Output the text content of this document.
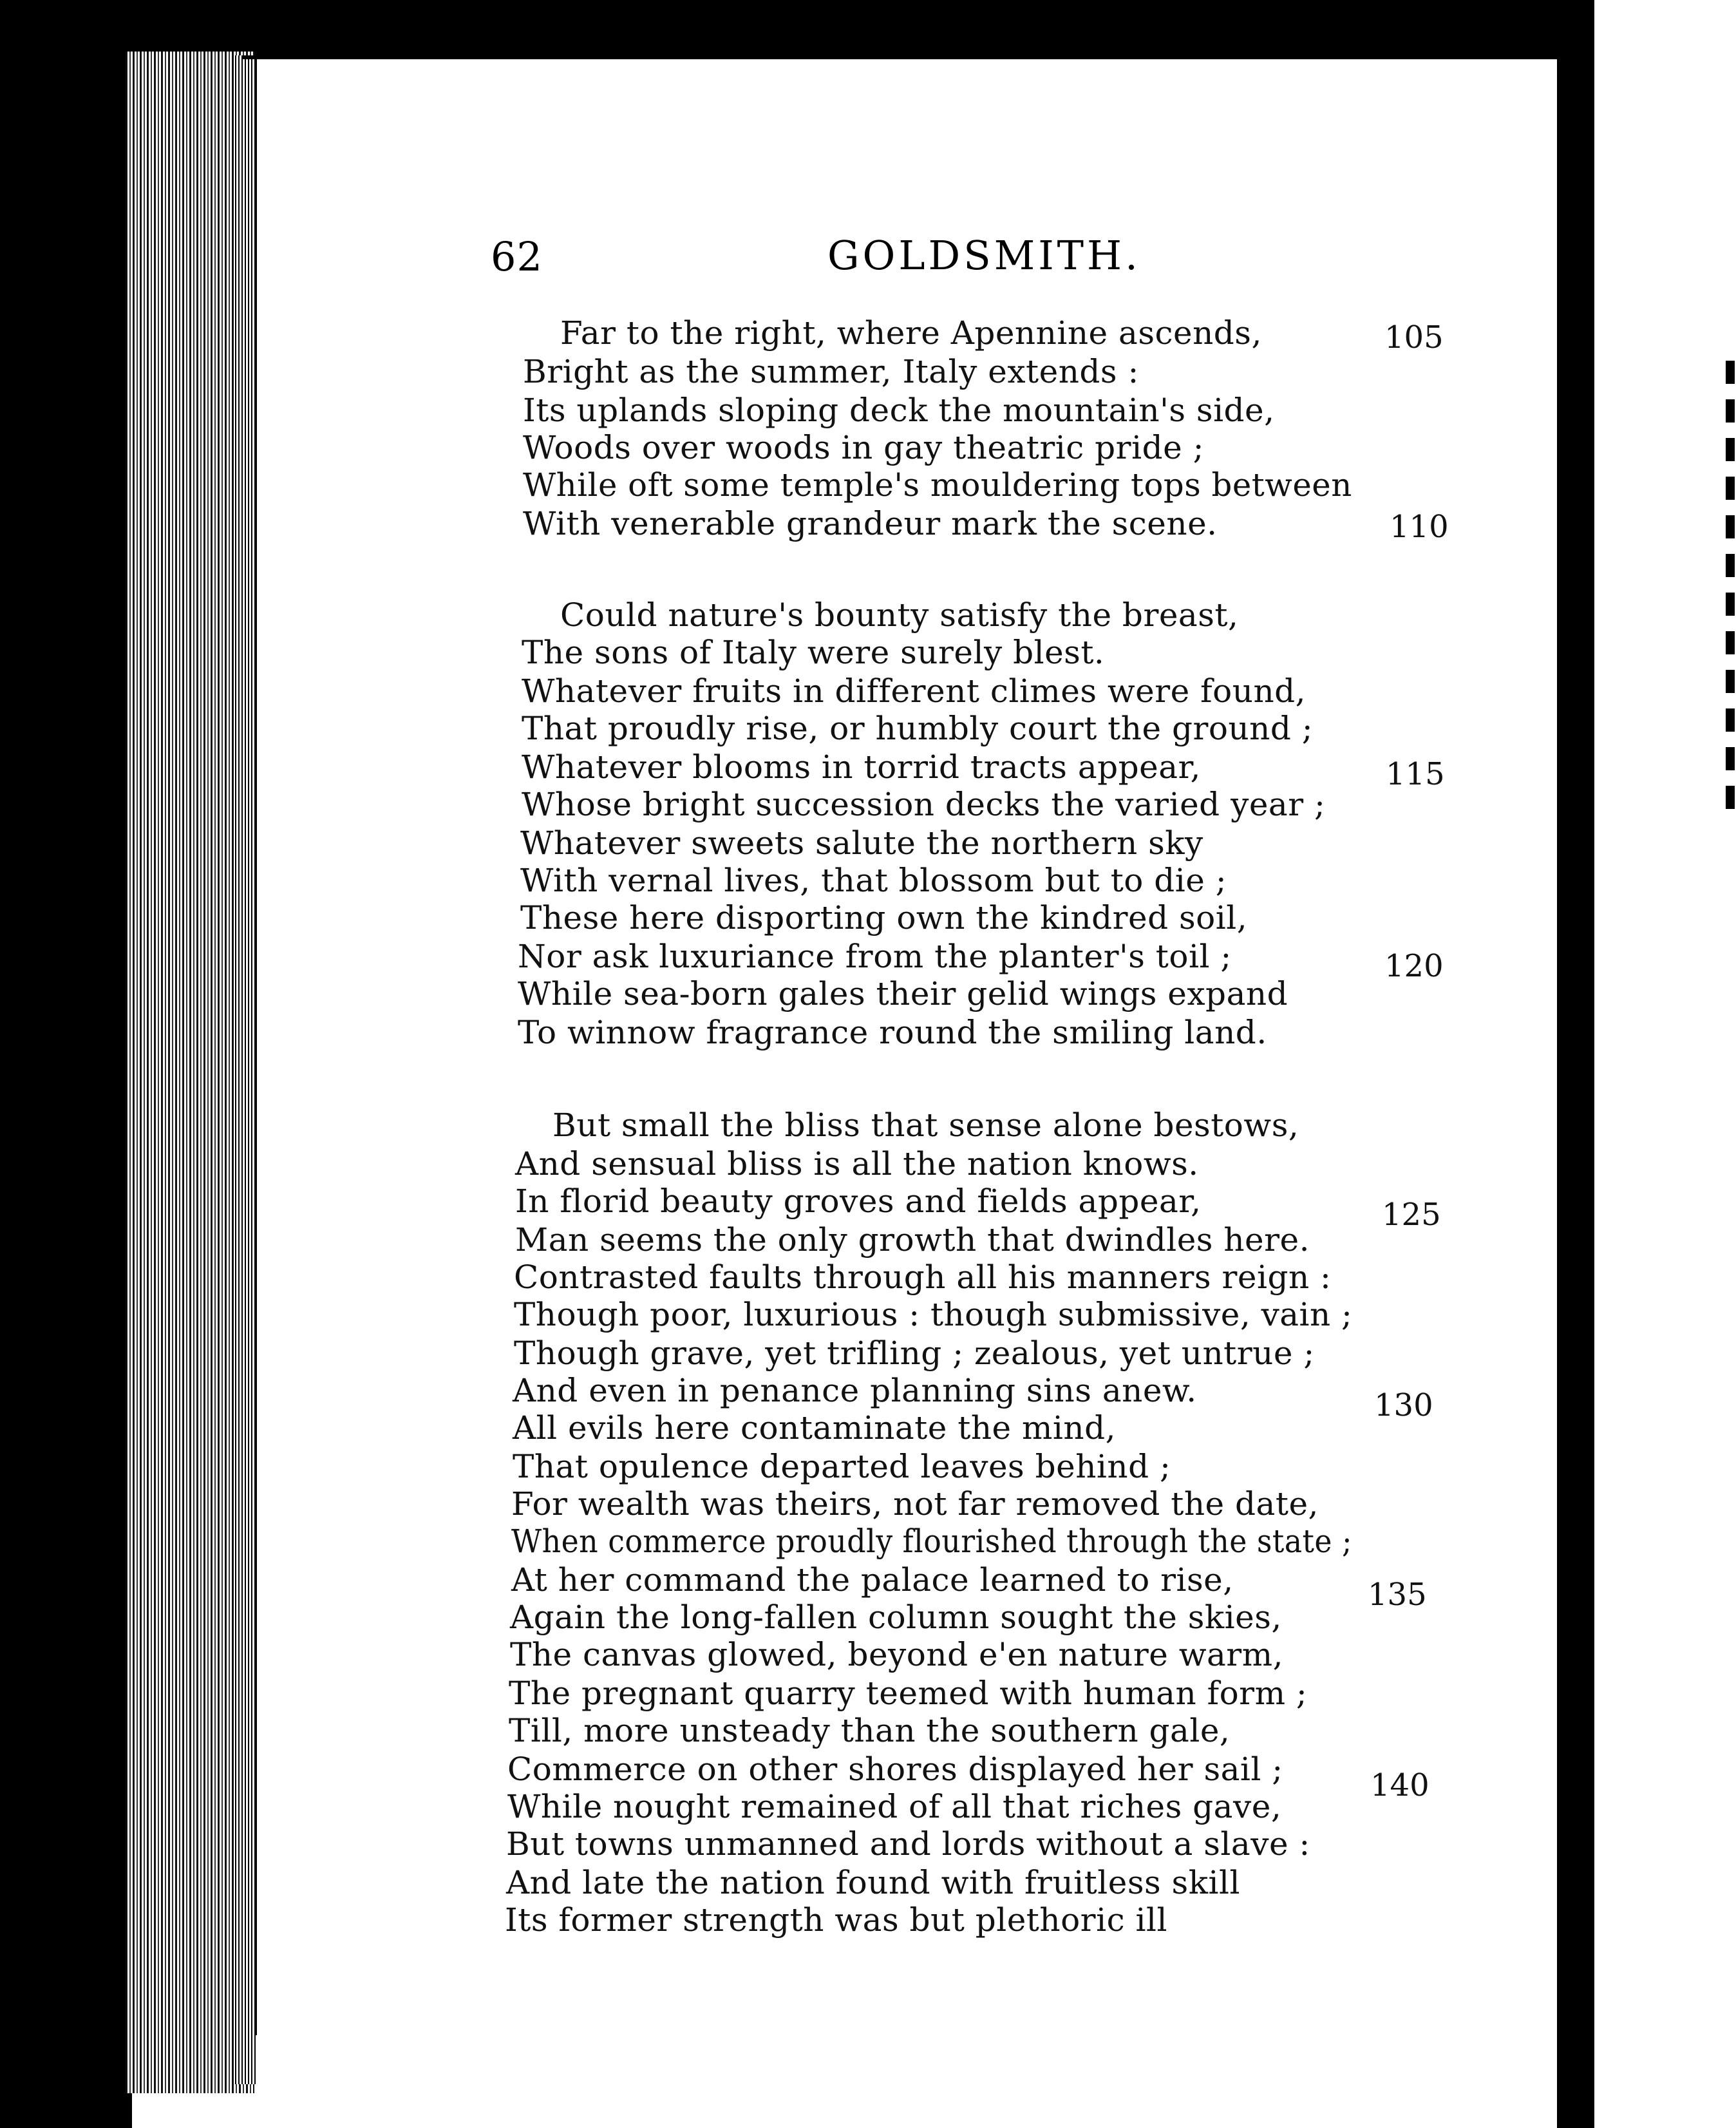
62	GOLDSMITH.
Far to the right, where Apennine ascends,
Bright as the summer, Italy extends :
Its uplands sloping deck the mountain's side,
Woods over woods in gay theatric pride ;
While oft some temple's mouldering tops between
With venerable grandeur mark the scene.
105
110
Could nature's bounty satisfy the breast,
The sons of Italy were surely blest.
Whatever fruits in different climes were found,
That proudly rise, or humbly court the ground ;
Whatever blooms in torrid tracts appear,
Whose bright succession decks the varied year ;
Whatever sweets salute the northern sky
With vernal lives, that blossom but to die ;
These here disporting own the kindred soil,
Nor ask luxuriance from the planter's toil ;
While sea-born gales their gelid wings expand
To winnow fragrance round the smiling land.
115
120
But small the bliss that sense alone bestows,
And sensual bliss is all the nation knows.
In florid beauty groves and fields appear,
Man seems the only growth that dwindles here.
Contrasted faults through all his manners reign :
Though poor, luxurious : though submissive, vain ;
Though grave, yet trifling ; zealous, yet untrue ;
And even in penance planning sins anew.
All evils here contaminate the mind,
That opulence departed leaves behind ;
For wealth was theirs, not far removed the date,
When commerce proudly flourished through the state ;
At her command the palace learned to rise,
Again the long-fallen column sought the skies,
The canvas glowed, beyond e'en nature warm,
The pregnant quarry teemed with human form ;
Till, more unsteady than the southern gale,
Commerce on other shores displayed her sail ;
While nought remained of all that riches gave,
But towns unmanned and lords without a slave :
And late the nation found with fruitless skill
Its former strength was but plethoric ill
125
130
135
140
